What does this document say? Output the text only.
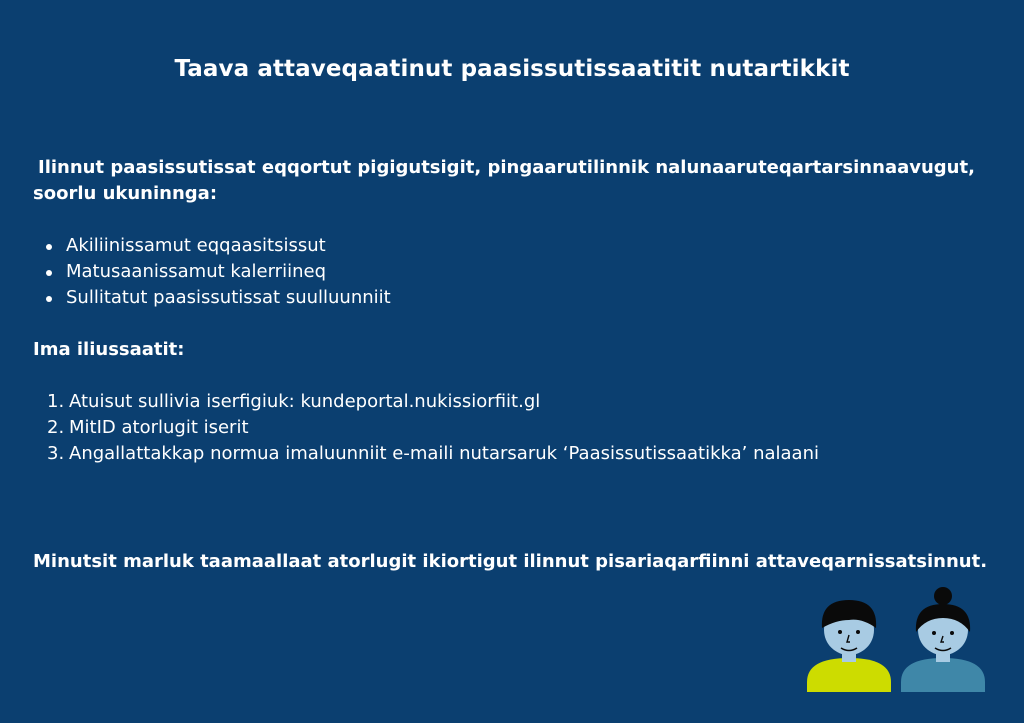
Taava attaveqaatinut paasissutissaatitit nutartikkit

Ilinnut paasissutissat eqqortut pigigutsigit, pingaarutilinnik nalunaaruteqartarsinnaavugut,
soorlu ukuninnga:

Akiliinissamut eqqaasitsissut
Matusaanissamut kalerriineq
Sullitatut paasissutissat suulluunniit

Ima iliussaatit:

1. Atuisut sullivia iserfigiuk: kundeportal.nukissiorfiit.gl
2. MitID atorlugit iserit
3. Angallattakkap normua imaluunniit e-maili nutarsaruk ‘Paasissutissaatikka’ nalaani
Minutsit marluk taamaallaat atorlugit ikiortigut ilinnut pisariaqarfiinni attaveqarnissatsinnut.
